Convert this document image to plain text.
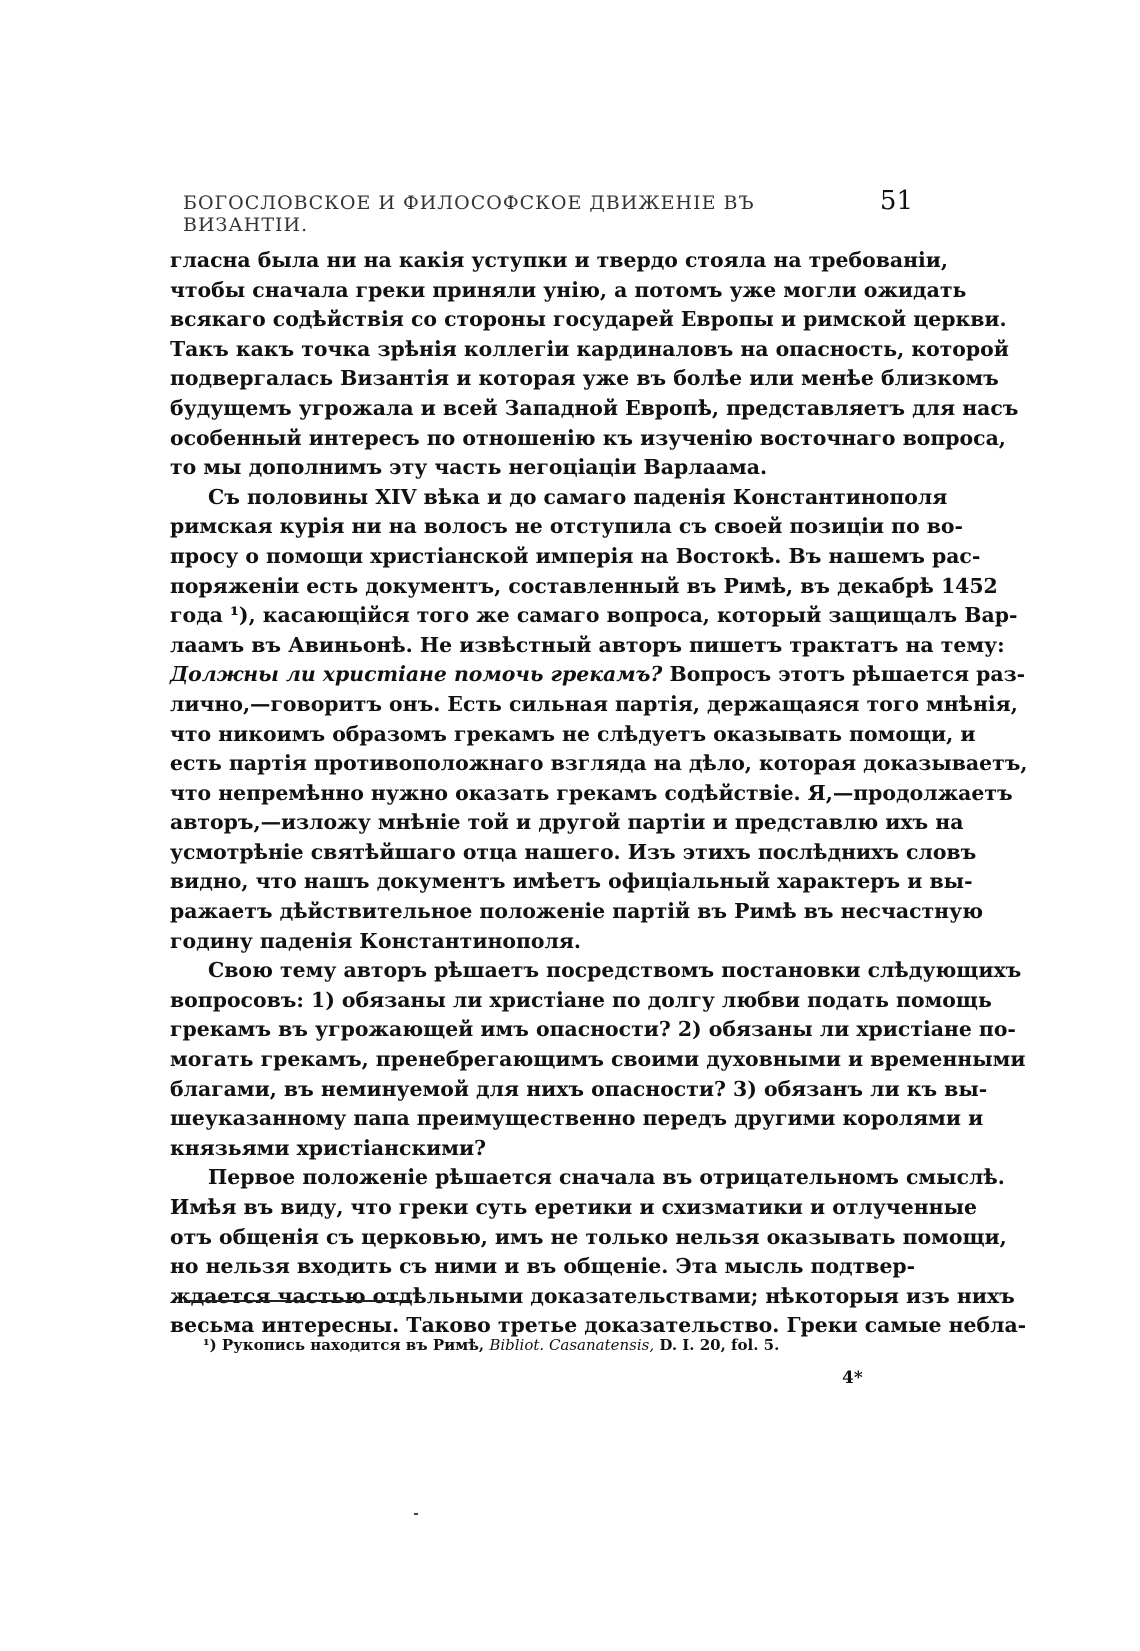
БОГОСЛОВСКОЕ И ФИЛОСОФСКОЕ ДВИЖЕНІЕ ВЪ ВИЗАНТІИ.
51
гласна была ни на какія уступки и твердо стояла на требованіи,
чтобы сначала греки приняли унію, а потомъ уже могли ожидать
всякаго содѣйствія со стороны государей Европы и римской церкви.
Такъ какъ точка зрѣнія коллегіи кардиналовъ на опасность, которой
подвергалась Византія и которая уже въ болѣе или менѣе близкомъ
будущемъ угрожала и всей Западной Европѣ, представляетъ для насъ
особенный интересъ по отношенію къ изученію восточнаго вопроса,
то мы дополнимъ эту часть негоціаціи Варлаама.
Съ половины XIV вѣка и до самаго паденія Константинополя
римская курія ни на волосъ не отступила съ своей позиціи по во-
просу о помощи христіанской имперія на Востокѣ. Въ нашемъ рас-
поряженіи есть документъ, составленный въ Римѣ, въ декабрѣ 1452
года ¹), касающійся того же самаго вопроса, который защищалъ Вар-
лаамъ въ Авиньонѣ. Не извѣстный авторъ пишетъ трактатъ на тему:
Должны ли христіане помочь грекамъ? Вопросъ этотъ рѣшается раз-
лично,—говоритъ онъ. Есть сильная партія, держащаяся того мнѣнія,
что никоимъ образомъ грекамъ не слѣдуетъ оказывать помощи, и
есть партія противоположнаго взгляда на дѣло, которая доказываетъ,
что непремѣнно нужно оказать грекамъ содѣйствіе. Я,—продолжаетъ
авторъ,—изложу мнѣніе той и другой партіи и представлю ихъ на
усмотрѣніе святѣйшаго отца нашего. Изъ этихъ послѣднихъ словъ
видно, что нашъ документъ имѣетъ офиціальный характеръ и вы-
ражаетъ дѣйствительное положеніе партій въ Римѣ въ несчастную
годину паденія Константинополя.
Свою тему авторъ рѣшаетъ посредствомъ постановки слѣдующихъ
вопросовъ: 1) обязаны ли христіане по долгу любви подать помощь
грекамъ въ угрожающей имъ опасности? 2) обязаны ли христіане по-
могать грекамъ, пренебрегающимъ своими духовными и временными
благами, въ неминуемой для нихъ опасности? 3) обязанъ ли къ вы-
шеуказанному папа преимущественно передъ другими королями и
князьями христіанскими?
Первое положеніе рѣшается сначала въ отрицательномъ смыслѣ.
Имѣя въ виду, что греки суть еретики и схизматики и отлученные
отъ общенія съ церковью, имъ не только нельзя оказывать помощи,
но нельзя входить съ ними и въ общеніе. Эта мысль подтвер-
ждается частью отдѣльными доказательствами; нѣкоторыя изъ нихъ
весьма интересны. Таково третье доказательство. Греки самые небла-
¹) Рукопись находится въ Римѣ, Bibliot. Casanatensis, D. I. 20, fol. 5.
4*
